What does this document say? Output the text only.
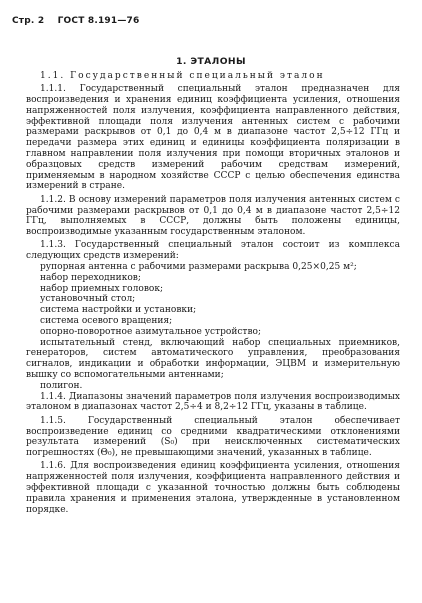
Стр. 2 ГОСТ 8.191—76
1. ЭТАЛОНЫ

1.1. Государственный специальный эталон

1.1.1. Государственный специальный эталон предназначен для воспроизведения и хранения единиц коэффициента усиления, отношения напряженностей поля излучения, коэффициента направленного действия, эффективной площади поля излучения антенных систем с рабочими размерами раскрывов от 0,1 до 0,4 м в диапазоне частот 2,5÷12 ГГц и передачи размера этих единиц и единицы коэффициента поляризации в главном направлении поля излучения при помощи вторичных эталонов и образцовых средств измерений рабочим средствам измерений, применяемым в народном хозяйстве СССР с целью обеспечения единства измерений в стране.

1.1.2. В основу измерений параметров поля излучения антенных систем с рабочими размерами раскрывов от 0,1 до 0,4 м в диапазоне частот 2,5÷12 ГГц, выполняемых в СССР, должны быть положены единицы, воспроизводимые указанным государственным эталоном.

1.1.3. Государственный специальный эталон состоит из комплекса следующих средств измерений:

рупорная антенна с рабочими размерами раскрыва 0,25×0,25 м²;
набор переходников;
набор приемных головок;
установочный стол;
система настройки и установки;
система осевого вращения;
опорно-поворотное азимутальное устройство;
испытательный стенд, включающий набор специальных приемников, генераторов, систем автоматического управления, преобразования сигналов, индикации и обработки информации, ЭЦВМ и измерительную вышку со вспомогательными антеннами;
полигон.

1.1.4. Диапазоны значений параметров поля излучения воспроизводимых эталоном в диапазонах частот 2,5÷4 и 8,2÷12 ГГц, указаны в таблице.

1.1.5. Государственный специальный эталон обеспечивает воспроизведение единиц со средними квадратическими отклонениями результата измерений (S₀) при неисключенных систематических погрешностях (Θ₀), не превышающими значений, указанных в таблице.

1.1.6. Для воспроизведения единиц коэффициента усиления, отношения напряженностей поля излучения, коэффициента направленного действия и эффективной площади с указанной точностью должны быть соблюдены правила хранения и применения эталона, утвержденные в установленном порядке.
